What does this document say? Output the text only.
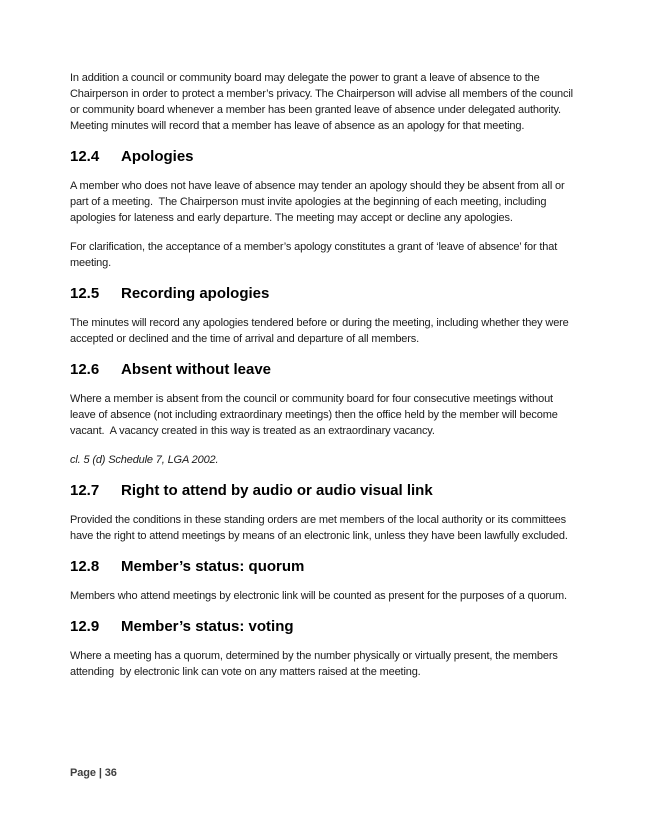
In addition a council or community board may delegate the power to grant a leave of absence to the Chairperson in order to protect a member’s privacy. The Chairperson will advise all members of the council or community board whenever a member has been granted leave of absence under delegated authority.  Meeting minutes will record that a member has leave of absence as an apology for that meeting.

12.4	Apologies

A member who does not have leave of absence may tender an apology should they be absent from all or part of a meeting.  The Chairperson must invite apologies at the beginning of each meeting, including apologies for lateness and early departure. The meeting may accept or decline any apologies.

For clarification, the acceptance of a member’s apology constitutes a grant of ‘leave of absence’ for that meeting.

12.5	Recording apologies

The minutes will record any apologies tendered before or during the meeting, including whether they were accepted or declined and the time of arrival and departure of all members.

12.6	Absent without leave

Where a member is absent from the council or community board for four consecutive meetings without leave of absence (not including extraordinary meetings) then the office held by the member will become vacant.  A vacancy created in this way is treated as an extraordinary vacancy.

cl. 5 (d) Schedule 7, LGA 2002.

12.7	Right to attend by audio or audio visual link

Provided the conditions in these standing orders are met members of the local authority or its committees have the right to attend meetings by means of an electronic link, unless they have been lawfully excluded.

12.8	Member’s status: quorum

Members who attend meetings by electronic link will be counted as present for the purposes of a quorum.

12.9	Member’s status: voting

Where a meeting has a quorum, determined by the number physically or virtually present, the members attending  by electronic link can vote on any matters raised at the meeting.

Page | 36
